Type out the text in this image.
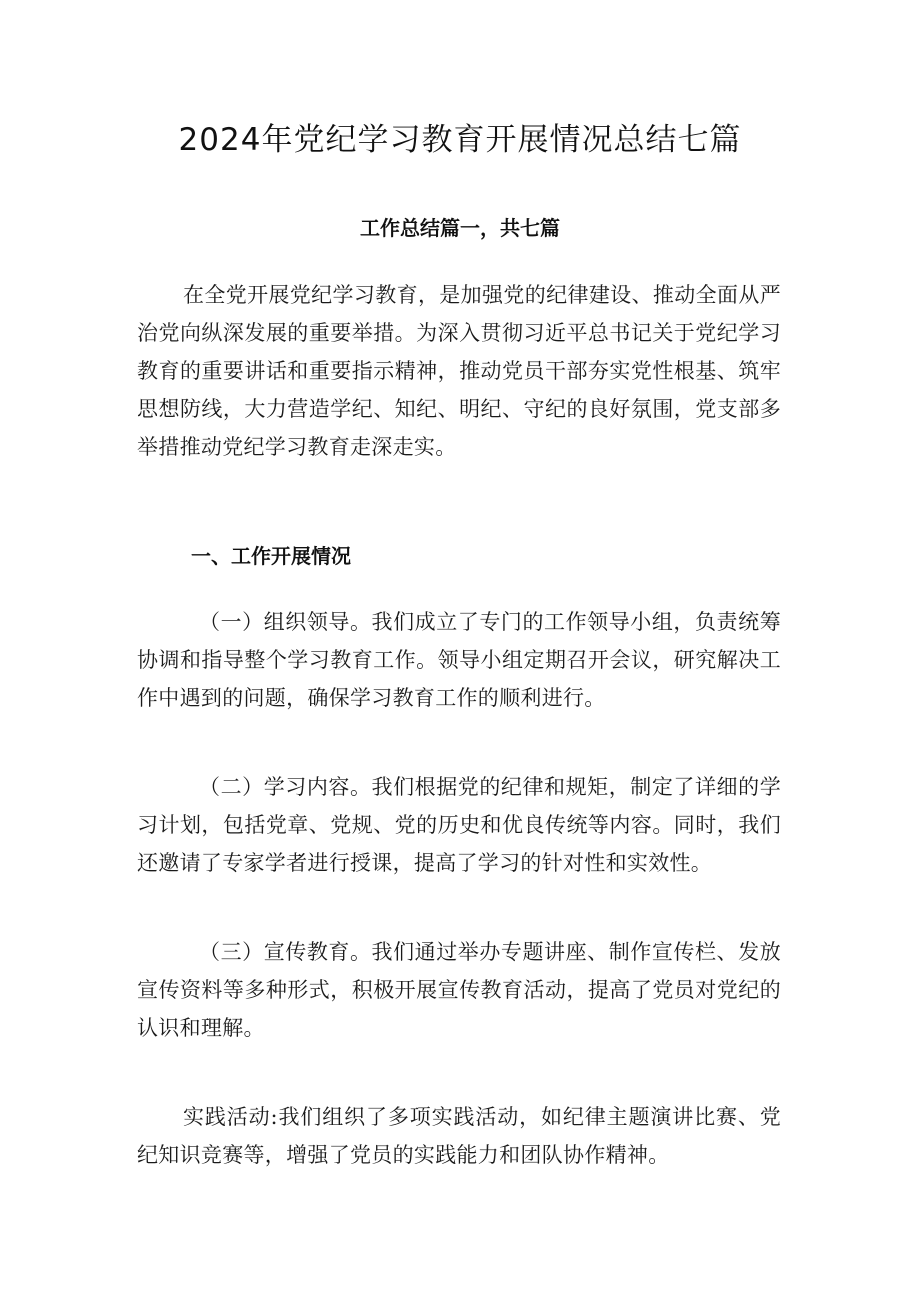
2024年党纪学习教育开展情况总结七篇
工作总结篇一，共七篇

在全党开展党纪学习教育，是加强党的纪律建设、推动全面从严治党向纵深发展的重要举措。为深入贯彻习近平总书记关于党纪学习教育的重要讲话和重要指示精神，推动党员干部夯实党性根基、筑牢思想防线，大力营造学纪、知纪、明纪、守纪的良好氛围，党支部多举措推动党纪学习教育走深走实。

一、工作开展情况

（一）组织领导。我们成立了专门的工作领导小组，负责统筹协调和指导整个学习教育工作。领导小组定期召开会议，研究解决工作中遇到的问题，确保学习教育工作的顺利进行。

（二）学习内容。我们根据党的纪律和规矩，制定了详细的学习计划，包括党章、党规、党的历史和优良传统等内容。同时，我们还邀请了专家学者进行授课，提高了学习的针对性和实效性。

（三）宣传教育。我们通过举办专题讲座、制作宣传栏、发放宣传资料等多种形式，积极开展宣传教育活动，提高了党员对党纪的认识和理解。

实践活动:我们组织了多项实践活动，如纪律主题演讲比赛、党纪知识竞赛等，增强了党员的实践能力和团队协作精神。
